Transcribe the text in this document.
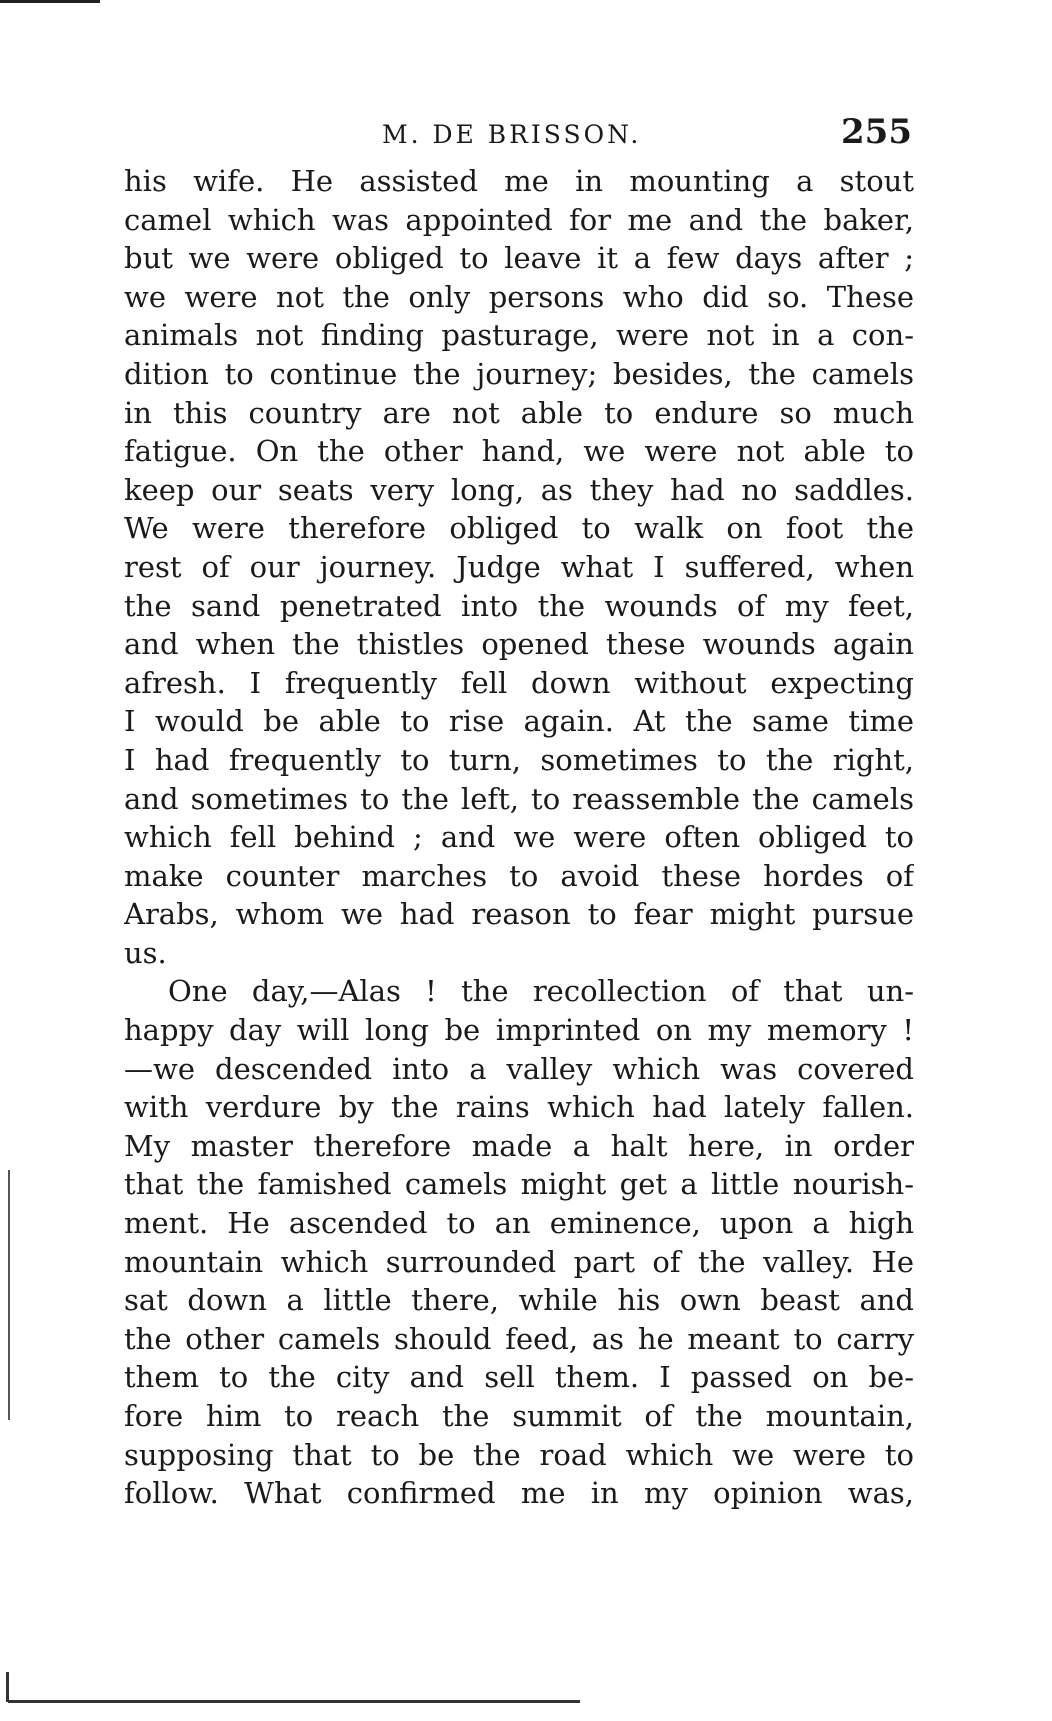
M. DE BRISSON.	255
his wife. He assisted me in mounting a stout
camel which was appointed for me and the baker,
but we were obliged to leave it a few days after ;
we were not the only persons who did so. These
animals not finding pasturage, were not in a con-
dition to continue the journey; besides, the camels
in this country are not able to endure so much
fatigue. On the other hand, we were not able to
keep our seats very long, as they had no saddles.
We were therefore obliged to walk on foot the
rest of our journey. Judge what I suffered, when
the sand penetrated into the wounds of my feet,
and when the thistles opened these wounds again
afresh. I frequently fell down without expecting
I would be able to rise again. At the same time
I had frequently to turn, sometimes to the right,
and sometimes to the left, to reassemble the camels
which fell behind ; and we were often obliged to
make counter marches to avoid these hordes of
Arabs, whom we had reason to fear might pursue
us.
One day,—Alas ! the recollection of that un-
happy day will long be imprinted on my memory !
—we descended into a valley which was covered
with verdure by the rains which had lately fallen.
My master therefore made a halt here, in order
that the famished camels might get a little nourish-
ment. He ascended to an eminence, upon a high
mountain which surrounded part of the valley. He
sat down a little there, while his own beast and
the other camels should feed, as he meant to carry
them to the city and sell them. I passed on be-
fore him to reach the summit of the mountain,
supposing that to be the road which we were to
follow. What confirmed me in my opinion was,
